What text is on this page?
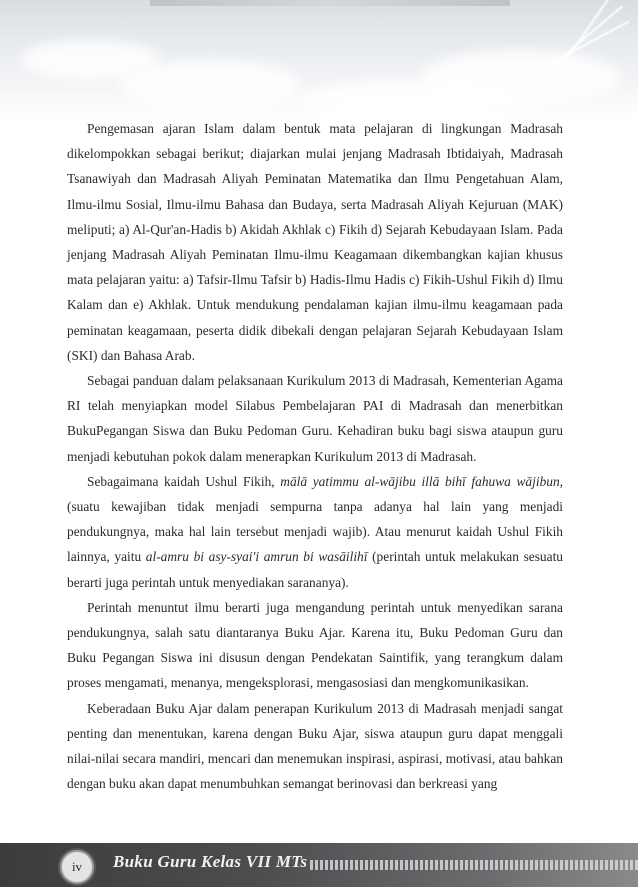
Pengemasan ajaran Islam dalam bentuk mata pelajaran di lingkungan Madrasah dikelompokkan sebagai berikut; diajarkan mulai jenjang Madrasah Ibtidaiyah, Madrasah Tsanawiyah dan Madrasah Aliyah Peminatan Matematika dan Ilmu Pengetahuan Alam, Ilmu-ilmu Sosial, Ilmu-ilmu Bahasa dan Budaya, serta Madrasah Aliyah Kejuruan (MAK) meliputi; a) Al-Qur'an-Hadis b) Akidah Akhlak c) Fikih d) Sejarah Kebudayaan Islam. Pada jenjang Madrasah Aliyah Peminatan Ilmu-ilmu Keagamaan dikembangkan kajian khusus mata pelajaran yaitu: a) Tafsir-Ilmu Tafsir b) Hadis-Ilmu Hadis c) Fikih-Ushul Fikih d) Ilmu Kalam dan e) Akhlak. Untuk mendukung pendalaman kajian ilmu-ilmu keagamaan pada peminatan keagamaan, peserta didik dibekali dengan pelajaran Sejarah Kebudayaan Islam (SKI) dan Bahasa Arab.

Sebagai panduan dalam pelaksanaan Kurikulum 2013 di Madrasah, Kementerian Agama RI telah menyiapkan model Silabus Pembelajaran PAI di Madrasah dan menerbitkan BukuPegangan Siswa dan Buku Pedoman Guru. Kehadiran buku bagi siswa ataupun guru menjadi kebutuhan pokok dalam menerapkan Kurikulum 2013 di Madrasah.

Sebagaimana kaidah Ushul Fikih, mālā yatimmu al-wājibu illā bihī fahuwa wājibun, (suatu kewajiban tidak menjadi sempurna tanpa adanya hal lain yang menjadi pendukungnya, maka hal lain tersebut menjadi wajib). Atau menurut kaidah Ushul Fikih lainnya, yaitu al-amru bi asy-syai'i amrun bi wasāilihī (perintah untuk melakukan sesuatu berarti juga perintah untuk menyediakan sarananya).

Perintah menuntut ilmu berarti juga mengandung perintah untuk menyedikan sarana pendukungnya, salah satu diantaranya Buku Ajar. Karena itu, Buku Pedoman Guru dan Buku Pegangan Siswa ini disusun dengan Pendekatan Saintifik, yang terangkum dalam proses mengamati, menanya, mengeksplorasi, mengasosiasi dan mengkomunikasikan.

Keberadaan Buku Ajar dalam penerapan Kurikulum 2013 di Madrasah menjadi sangat penting dan menentukan, karena dengan Buku Ajar, siswa ataupun guru dapat menggali nilai-nilai secara mandiri, mencari dan menemukan inspirasi, aspirasi, motivasi, atau bahkan dengan buku akan dapat menumbuhkan semangat berinovasi dan berkreasi yang

iv	Buku Guru Kelas VII MTs
